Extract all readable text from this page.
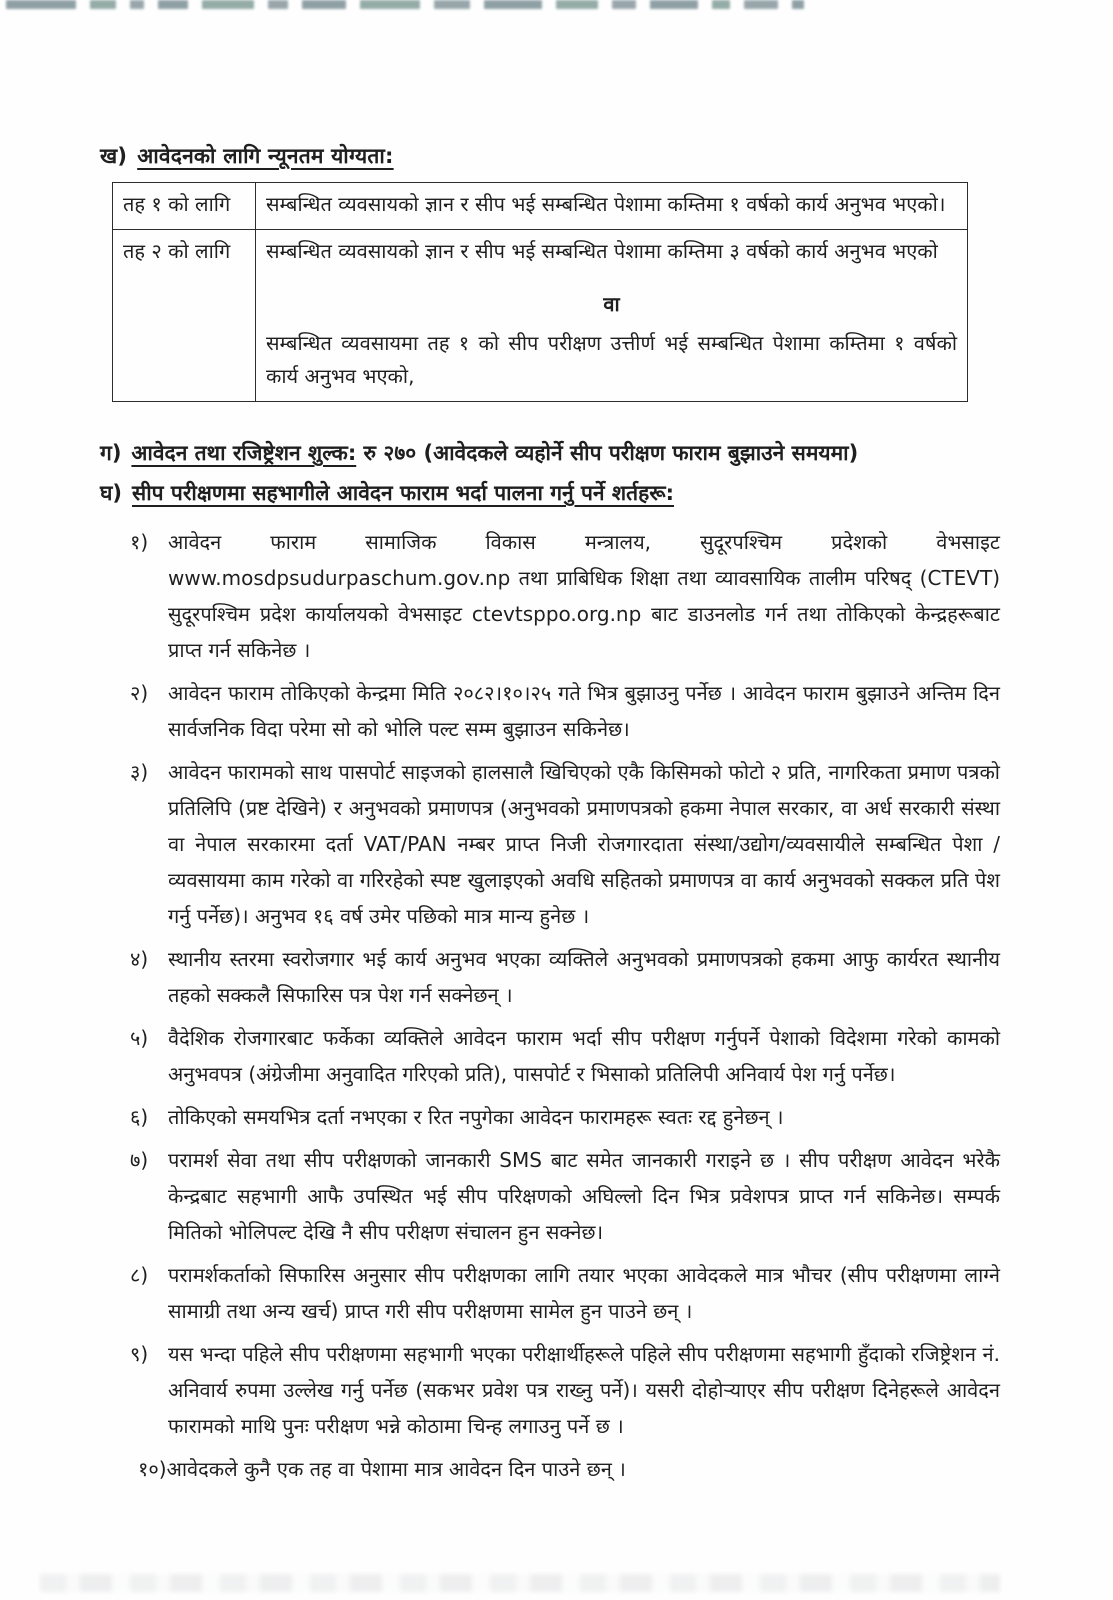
ख) आवेदनको लागि न्यूनतम योग्यता:
तह १ को लागि	सम्बन्धित व्यवसायको ज्ञान र सीप भई सम्बन्धित पेशामा कम्तिमा १ वर्षको कार्य अनुभव भएको।
तह २ को लागि	सम्बन्धित व्यवसायको ज्ञान र सीप भई सम्बन्धित पेशामा कम्तिमा ३ वर्षको कार्य अनुभव भएको
वा
सम्बन्धित व्यवसायमा तह १ को सीप परीक्षण उत्तीर्ण भई सम्बन्धित पेशामा कम्तिमा १ वर्षको कार्य अनुभव भएको,
ग) आवेदन तथा रजिष्ट्रेशन शुल्क: रु २७० (आवेदकले व्यहोर्ने सीप परीक्षण फाराम बुझाउने समयमा)
घ) सीप परीक्षणमा सहभागीले आवेदन फाराम भर्दा पालना गर्नु पर्ने शर्तहरू:
१) आवेदन फाराम सामाजिक विकास मन्त्रालय, सुदूरपश्चिम प्रदेशको वेभसाइट www.mosdpsudurpaschum.gov.np तथा प्राबिधिक शिक्षा तथा व्यावसायिक तालीम परिषद् (CTEVT) सुदूरपश्चिम प्रदेश कार्यालयको वेभसाइट ctevtsppo.org.np बाट डाउनलोड गर्न तथा तोकिएको केन्द्रहरूबाट प्राप्त गर्न सकिनेछ ।
२) आवेदन फाराम तोकिएको केन्द्रमा मिति २०८२।१०।२५ गते भित्र बुझाउनु पर्नेछ । आवेदन फाराम बुझाउने अन्तिम दिन सार्वजनिक विदा परेमा सो को भोलि पल्ट सम्म बुझाउन सकिनेछ।
३) आवेदन फारामको साथ पासपोर्ट साइजको हालसालै खिचिएको एकै किसिमको फोटो २ प्रति, नागरिकता प्रमाण पत्रको प्रतिलिपि (प्रष्ट देखिने) र अनुभवको प्रमाणपत्र (अनुभवको प्रमाणपत्रको हकमा नेपाल सरकार, वा अर्ध सरकारी संस्था वा नेपाल सरकारमा दर्ता VAT/PAN नम्बर प्राप्त निजी रोजगारदाता संस्था/उद्योग/व्यवसायीले सम्बन्धित पेशा /व्यवसायमा काम गरेको वा गरिरहेको स्पष्ट खुलाइएको अवधि सहितको प्रमाणपत्र वा कार्य अनुभवको सक्कल प्रति पेश गर्नु पर्नेछ)। अनुभव १६ वर्ष उमेर पछिको मात्र मान्य हुनेछ ।
४) स्थानीय स्तरमा स्वरोजगार भई कार्य अनुभव भएका व्यक्तिले अनुभवको प्रमाणपत्रको हकमा आफु कार्यरत स्थानीय तहको सक्कलै सिफारिस पत्र पेश गर्न सक्नेछन् ।
५) वैदेशिक रोजगारबाट फर्केका व्यक्तिले आवेदन फाराम भर्दा सीप परीक्षण गर्नुपर्ने पेशाको विदेशमा गरेको कामको अनुभवपत्र (अंग्रेजीमा अनुवादित गरिएको प्रति), पासपोर्ट र भिसाको प्रतिलिपी अनिवार्य पेश गर्नु पर्नेछ।
६) तोकिएको समयभित्र दर्ता नभएका र रित नपुगेका आवेदन फारामहरू स्वतः रद्द हुनेछन् ।
७) परामर्श सेवा तथा सीप परीक्षणको जानकारी SMS बाट समेत जानकारी गराइने छ । सीप परीक्षण आवेदन भरेकै केन्द्रबाट सहभागी आफै उपस्थित भई सीप परिक्षणको अघिल्लो दिन भित्र प्रवेशपत्र प्राप्त गर्न सकिनेछ। सम्पर्क मितिको भोलिपल्ट देखि नै सीप परीक्षण संचालन हुन सक्नेछ।
८) परामर्शकर्ताको सिफारिस अनुसार सीप परीक्षणका लागि तयार भएका आवेदकले मात्र भौचर (सीप परीक्षणमा लाग्ने सामाग्री तथा अन्य खर्च) प्राप्त गरी सीप परीक्षणमा सामेल हुन पाउने छन् ।
९) यस भन्दा पहिले सीप परीक्षणमा सहभागी भएका परीक्षार्थीहरूले पहिले सीप परीक्षणमा सहभागी हुँदाको रजिष्ट्रेशन नं. अनिवार्य रुपमा उल्लेख गर्नु पर्नेछ (सकभर प्रवेश पत्र राख्नु पर्ने)। यसरी दोहोऱ्याएर सीप परीक्षण दिनेहरूले आवेदन फारामको माथि पुनः परीक्षण भन्ने कोठामा चिन्ह लगाउनु पर्ने छ ।
१०)आवेदकले कुनै एक तह वा पेशामा मात्र आवेदन दिन पाउने छन् ।
